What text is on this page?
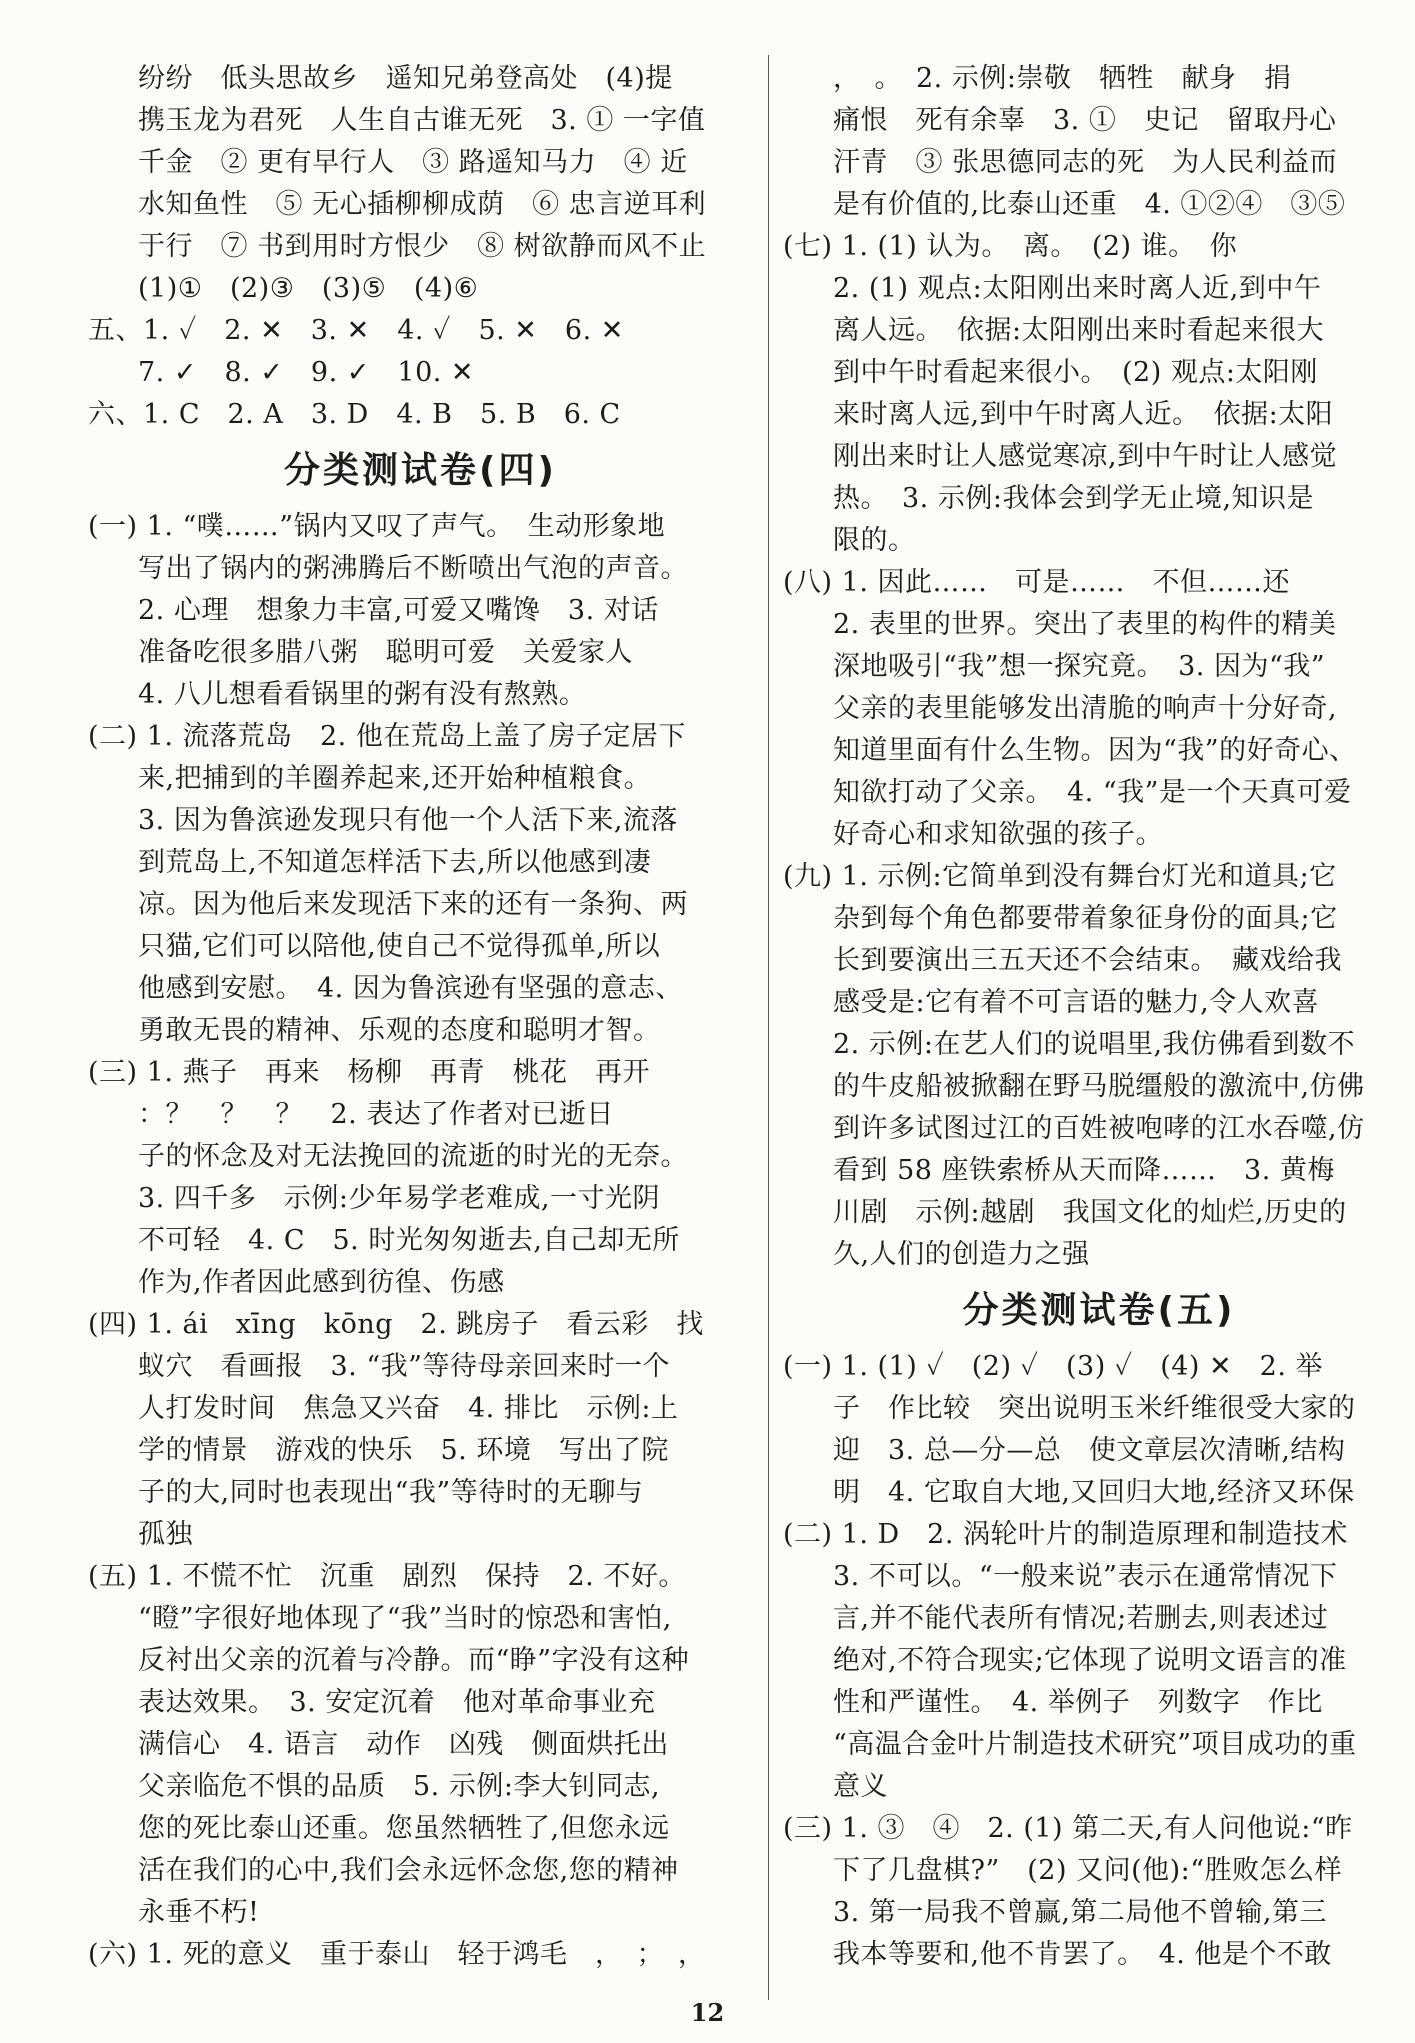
纷纷　低头思故乡　遥知兄弟登高处　(4)提
携玉龙为君死　人生自古谁无死　3. ① 一字值
千金　② 更有早行人　③ 路遥知马力　④ 近
水知鱼性　⑤ 无心插柳柳成荫　⑥ 忠言逆耳利
于行　⑦ 书到用时方恨少　⑧ 树欲静而风不止
(1)①　(2)③　(3)⑤　(4)⑥
五、1. ✓　2. ✕　3. ✕　4. ✓　5. ✕　6. ✕
7. ✓　8. ✓　9. ✓　10. ✕
六、1. C　2. A　3. D　4. B　5. B　6. C
分类测试卷(四)
(一) 1. “噗……”锅内又叹了声气。　生动形象地
写出了锅内的粥沸腾后不断喷出气泡的声音。
2. 心理　想象力丰富,可爱又嘴馋　3. 对话
准备吃很多腊八粥　聪明可爱　关爱家人
4. 八儿想看看锅里的粥有没有熬熟。
(二) 1. 流落荒岛　2. 他在荒岛上盖了房子定居下
来,把捕到的羊圈养起来,还开始种植粮食。
3. 因为鲁滨逊发现只有他一个人活下来,流落
到荒岛上,不知道怎样活下去,所以他感到凄
凉。因为他后来发现活下来的还有一条狗、两
只猫,它们可以陪他,使自己不觉得孤单,所以
他感到安慰。　4. 因为鲁滨逊有坚强的意志、
勇敢无畏的精神、乐观的态度和聪明才智。
(三) 1. 燕子　再来　杨柳　再青　桃花　再开
：？　？　？　2. 表达了作者对已逝日
子的怀念及对无法挽回的流逝的时光的无奈。
3. 四千多　示例:少年易学老难成,一寸光阴
不可轻　4. C　5. 时光匆匆逝去,自己却无所
作为,作者因此感到彷徨、伤感
(四) 1. ái　xīng　kōng　2. 跳房子　看云彩　找
蚁穴　看画报　3. “我”等待母亲回来时一个
人打发时间　焦急又兴奋　4. 排比　示例:上
学的情景　游戏的快乐　5. 环境　写出了院
子的大,同时也表现出“我”等待时的无聊与
孤独
(五) 1. 不慌不忙　沉重　剧烈　保持　2. 不好。
“瞪”字很好地体现了“我”当时的惊恐和害怕,
反衬出父亲的沉着与冷静。而“睁”字没有这种
表达效果。　3. 安定沉着　他对革命事业充
满信心　4. 语言　动作　凶残　侧面烘托出
父亲临危不惧的品质　5. 示例:李大钊同志,
您的死比泰山还重。您虽然牺牲了,但您永远
活在我们的心中,我们会永远怀念您,您的精神
永垂不朽!
(六) 1. 死的意义　重于泰山　轻于鸿毛　，　；　，
，　。　2. 示例:崇敬　牺牲　献身　捐
痛恨　死有余辜　3. ①　史记　留取丹心
汗青　③ 张思德同志的死　为人民利益而
是有价值的,比泰山还重　4. ①②④　③⑤
(七) 1. (1) 认为。　离。　(2) 谁。　你
2. (1) 观点:太阳刚出来时离人近,到中午
离人远。　依据:太阳刚出来时看起来很大
到中午时看起来很小。　(2) 观点:太阳刚
来时离人远,到中午时离人近。　依据:太阳
刚出来时让人感觉寒凉,到中午时让人感觉
热。　3. 示例:我体会到学无止境,知识是
限的。
(八) 1. 因此……　可是……　不但……还
2. 表里的世界。突出了表里的构件的精美
深地吸引“我”想一探究竟。　3. 因为“我”
父亲的表里能够发出清脆的响声十分好奇,
知道里面有什么生物。因为“我”的好奇心、
知欲打动了父亲。　4. “我”是一个天真可爱
好奇心和求知欲强的孩子。
(九) 1. 示例:它简单到没有舞台灯光和道具;它
杂到每个角色都要带着象征身份的面具;它
长到要演出三五天还不会结束。　藏戏给我
感受是:它有着不可言语的魅力,令人欢喜
2. 示例:在艺人们的说唱里,我仿佛看到数不
的牛皮船被掀翻在野马脱缰般的激流中,仿佛
到许多试图过江的百姓被咆哮的江水吞噬,仿
看到 58 座铁索桥从天而降……　3. 黄梅
川剧　示例:越剧　我国文化的灿烂,历史的
久,人们的创造力之强
分类测试卷(五)
(一) 1. (1) ✓　(2) ✓　(3) ✓　(4) ✕　2. 举
子　作比较　突出说明玉米纤维很受大家的
迎　3. 总—分—总　使文章层次清晰,结构
明　4. 它取自大地,又回归大地,经济又环保
(二) 1. D　2. 涡轮叶片的制造原理和制造技术
3. 不可以。“一般来说”表示在通常情况下
言,并不能代表所有情况;若删去,则表述过
绝对,不符合现实;它体现了说明文语言的准
性和严谨性。　4. 举例子　列数字　作比
“高温合金叶片制造技术研究”项目成功的重
意义
(三) 1. ③　④　2. (1) 第二天,有人问他说:“昨
下了几盘棋?”　(2) 又问(他):“胜败怎么样
3. 第一局我不曾赢,第二局他不曾输,第三
我本等要和,他不肯罢了。　4. 他是个不敢
12
